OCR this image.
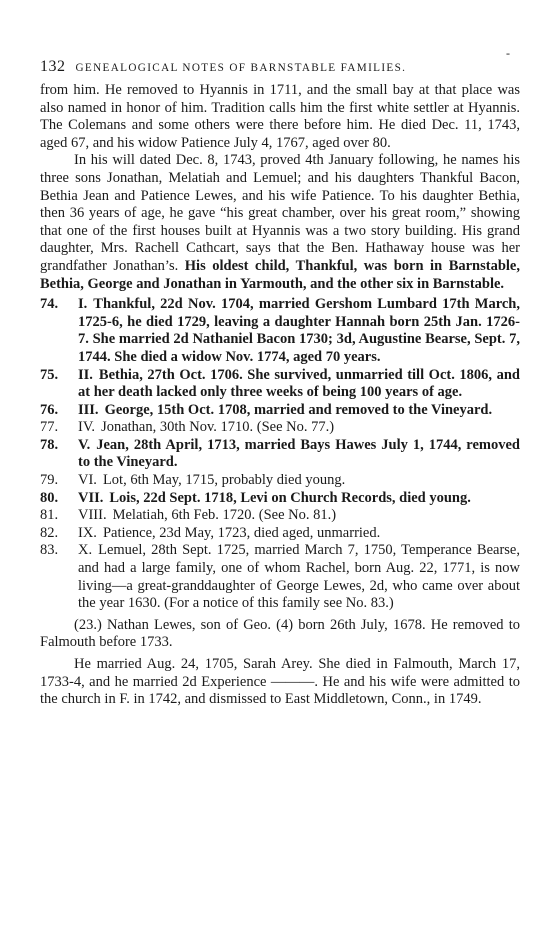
-
132 GENEALOGICAL NOTES OF BARNSTABLE FAMILIES.

from him. He removed to Hyannis in 1711, and the small bay at that place was also named in honor of him. Tradition calls him the first white settler at Hyannis. The Colemans and some others were there before him. He died Dec. 11, 1743, aged 67, and his widow Patience July 4, 1767, aged over 80.

In his will dated Dec. 8, 1743, proved 4th January following, he names his three sons Jonathan, Melatiah and Lemuel; and his daughters Thankful Bacon, Bethia Jean and Patience Lewes, and his wife Patience. To his daughter Bethia, then 36 years of age, he gave “his great chamber, over his great room,” showing that one of the first houses built at Hyannis was a two story building. His grand daughter, Mrs. Rachell Cathcart, says that the Ben. Hathaway house was her grandfather Jonathan’s. His oldest child, Thankful, was born in Barnstable, Bethia, George and Jonathan in Yarmouth, and the other six in Barnstable.

74.	I. Thankful, 22d Nov. 1704, married Gershom Lumbard 17th March, 1725-6, he died 1729, leaving a daughter Hannah born 25th Jan. 1726-7. She married 2d Nathaniel Bacon 1730; 3d, Augustine Bearse, Sept. 7, 1744. She died a widow Nov. 1774, aged 70 years.
75.	II. Bethia, 27th Oct. 1706. She survived, unmarried till Oct. 1806, and at her death lacked only three weeks of being 100 years of age.
76.	III. George, 15th Oct. 1708, married and removed to the Vineyard.
77.	IV. Jonathan, 30th Nov. 1710. (See No. 77.)
78.	V. Jean, 28th April, 1713, married Bays Hawes July 1, 1744, removed to the Vineyard.
79.	VI. Lot, 6th May, 1715, probably died young.
80.	VII. Lois, 22d Sept. 1718, Levi on Church Records, died young.
81.	VIII. Melatiah, 6th Feb. 1720. (See No. 81.)
82.	IX. Patience, 23d May, 1723, died aged, unmarried.
83.	X. Lemuel, 28th Sept. 1725, married March 7, 1750, Temperance Bearse, and had a large family, one of whom Rachel, born Aug. 22, 1771, is now living—a great-granddaughter of George Lewes, 2d, who came over about the year 1630. (For a notice of this family see No. 83.)

(23.) Nathan Lewes, son of Geo. (4) born 26th July, 1678. He removed to Falmouth before 1733.

He married Aug. 24, 1705, Sarah Arey. She died in Falmouth, March 17, 1733-4, and he married 2d Experience ———. He and his wife were admitted to the church in F. in 1742, and dismissed to East Middletown, Conn., in 1749.
